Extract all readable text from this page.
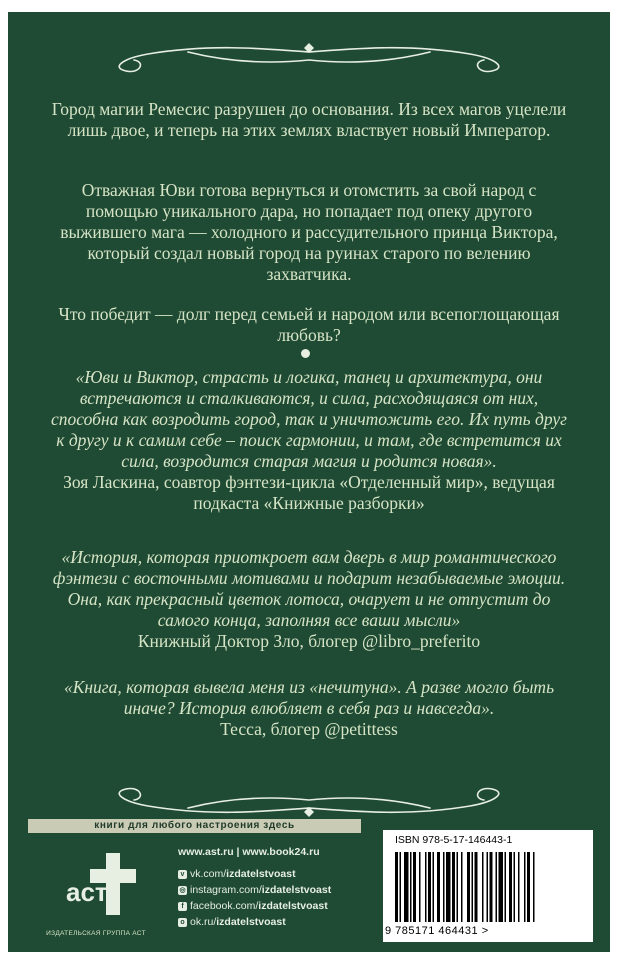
Город магии Ремесис разрушен до основания. Из всех магов уцелели лишь двое, и теперь на этих землях властвует новый Император.

Отважная Юви готова вернуться и отомстить за свой народ с помощью уникального дара, но попадает под опеку другого выжившего мага — холодного и рассудительного принца Виктора, который создал новый город на руинах старого по велению захватчика.

Что победит — долг перед семьей и народом или всепоглощающая любовь?

«Юви и Виктор, страсть и логика, танец и архитектура, они встречаются и сталкиваются, и сила, расходящаяся от них, способна как возродить город, так и уничтожить его. Их путь друг к другу и к самим себе – поиск гармонии, и там, где встретится их сила, возродится старая магия и родится новая».

Зоя Ласкина, соавтор фэнтези-цикла «Отделенный мир», ведущая подкаста «Книжные разборки»

«История, которая приоткроет вам дверь в мир романтического фэнтези с восточными мотивами и подарит незабываемые эмоции. Она, как прекрасный цветок лотоса, очарует и не отпустит до самого конца, заполняя все ваши мысли»

Книжный Доктор Зло, блогер @libro_preferito

«Книга, которая вывела меня из «нечитуна». А разве могло быть иначе? История влюбляет в себя раз и навсегда».

Тесса, блогер @petittess

книги для любого настроения здесь
аст
ИЗДАТЕЛЬСКАЯ ГРУППА АСТ
www.ast.ru | www.book24.ru
v vk.com/ izdatelstvoast
◎ instagram.com/ izdatelstvoast
f facebook.com/ izdatelstvoast
o ok.ru/ izdatelstvoast
ISBN 978-5-17-146443-1
9 785171 464431 >
